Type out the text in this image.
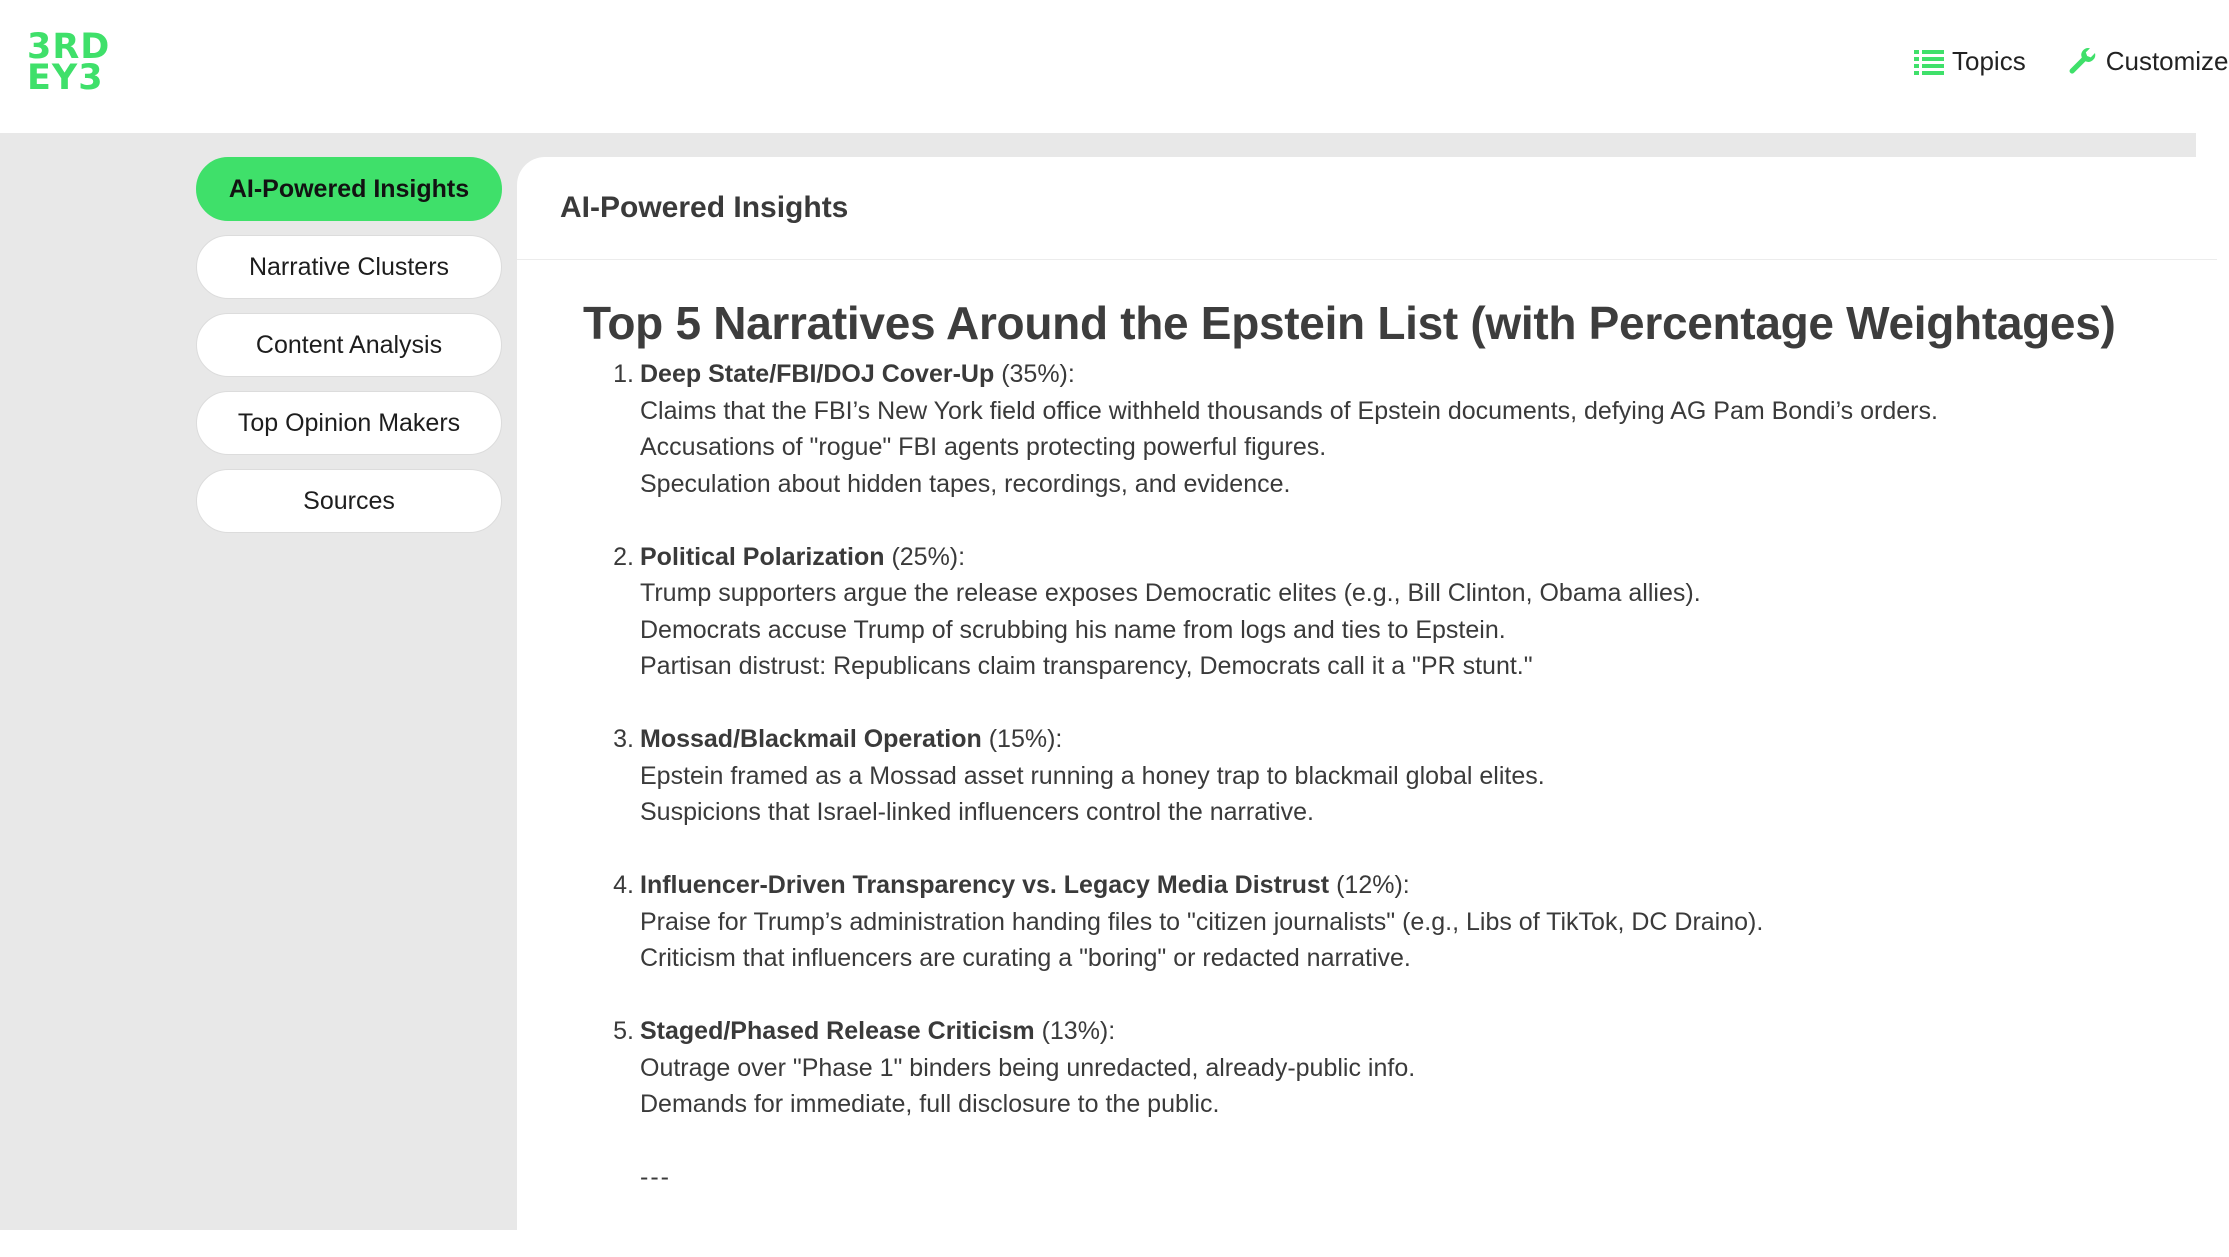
3RD
EY3	Topics	Customize
AI-Powered Insights
Narrative Clusters
Content Analysis
Top Opinion Makers
Sources
AI-Powered Insights
Top 5 Narratives Around the Epstein List (with Percentage Weightages)
1. Deep State/FBI/DOJ Cover-Up (35%):
Claims that the FBI’s New York field office withheld thousands of Epstein documents, defying AG Pam Bondi’s orders.
Accusations of "rogue" FBI agents protecting powerful figures.
Speculation about hidden tapes, recordings, and evidence.
2. Political Polarization (25%):
Trump supporters argue the release exposes Democratic elites (e.g., Bill Clinton, Obama allies).
Democrats accuse Trump of scrubbing his name from logs and ties to Epstein.
Partisan distrust: Republicans claim transparency, Democrats call it a "PR stunt."
3. Mossad/Blackmail Operation (15%):
Epstein framed as a Mossad asset running a honey trap to blackmail global elites.
Suspicions that Israel-linked influencers control the narrative.
4. Influencer-Driven Transparency vs. Legacy Media Distrust (12%):
Praise for Trump’s administration handing files to "citizen journalists" (e.g., Libs of TikTok, DC Draino).
Criticism that influencers are curating a "boring" or redacted narrative.
5. Staged/Phased Release Criticism (13%):
Outrage over "Phase 1" binders being unredacted, already-public info.
Demands for immediate, full disclosure to the public.
---
